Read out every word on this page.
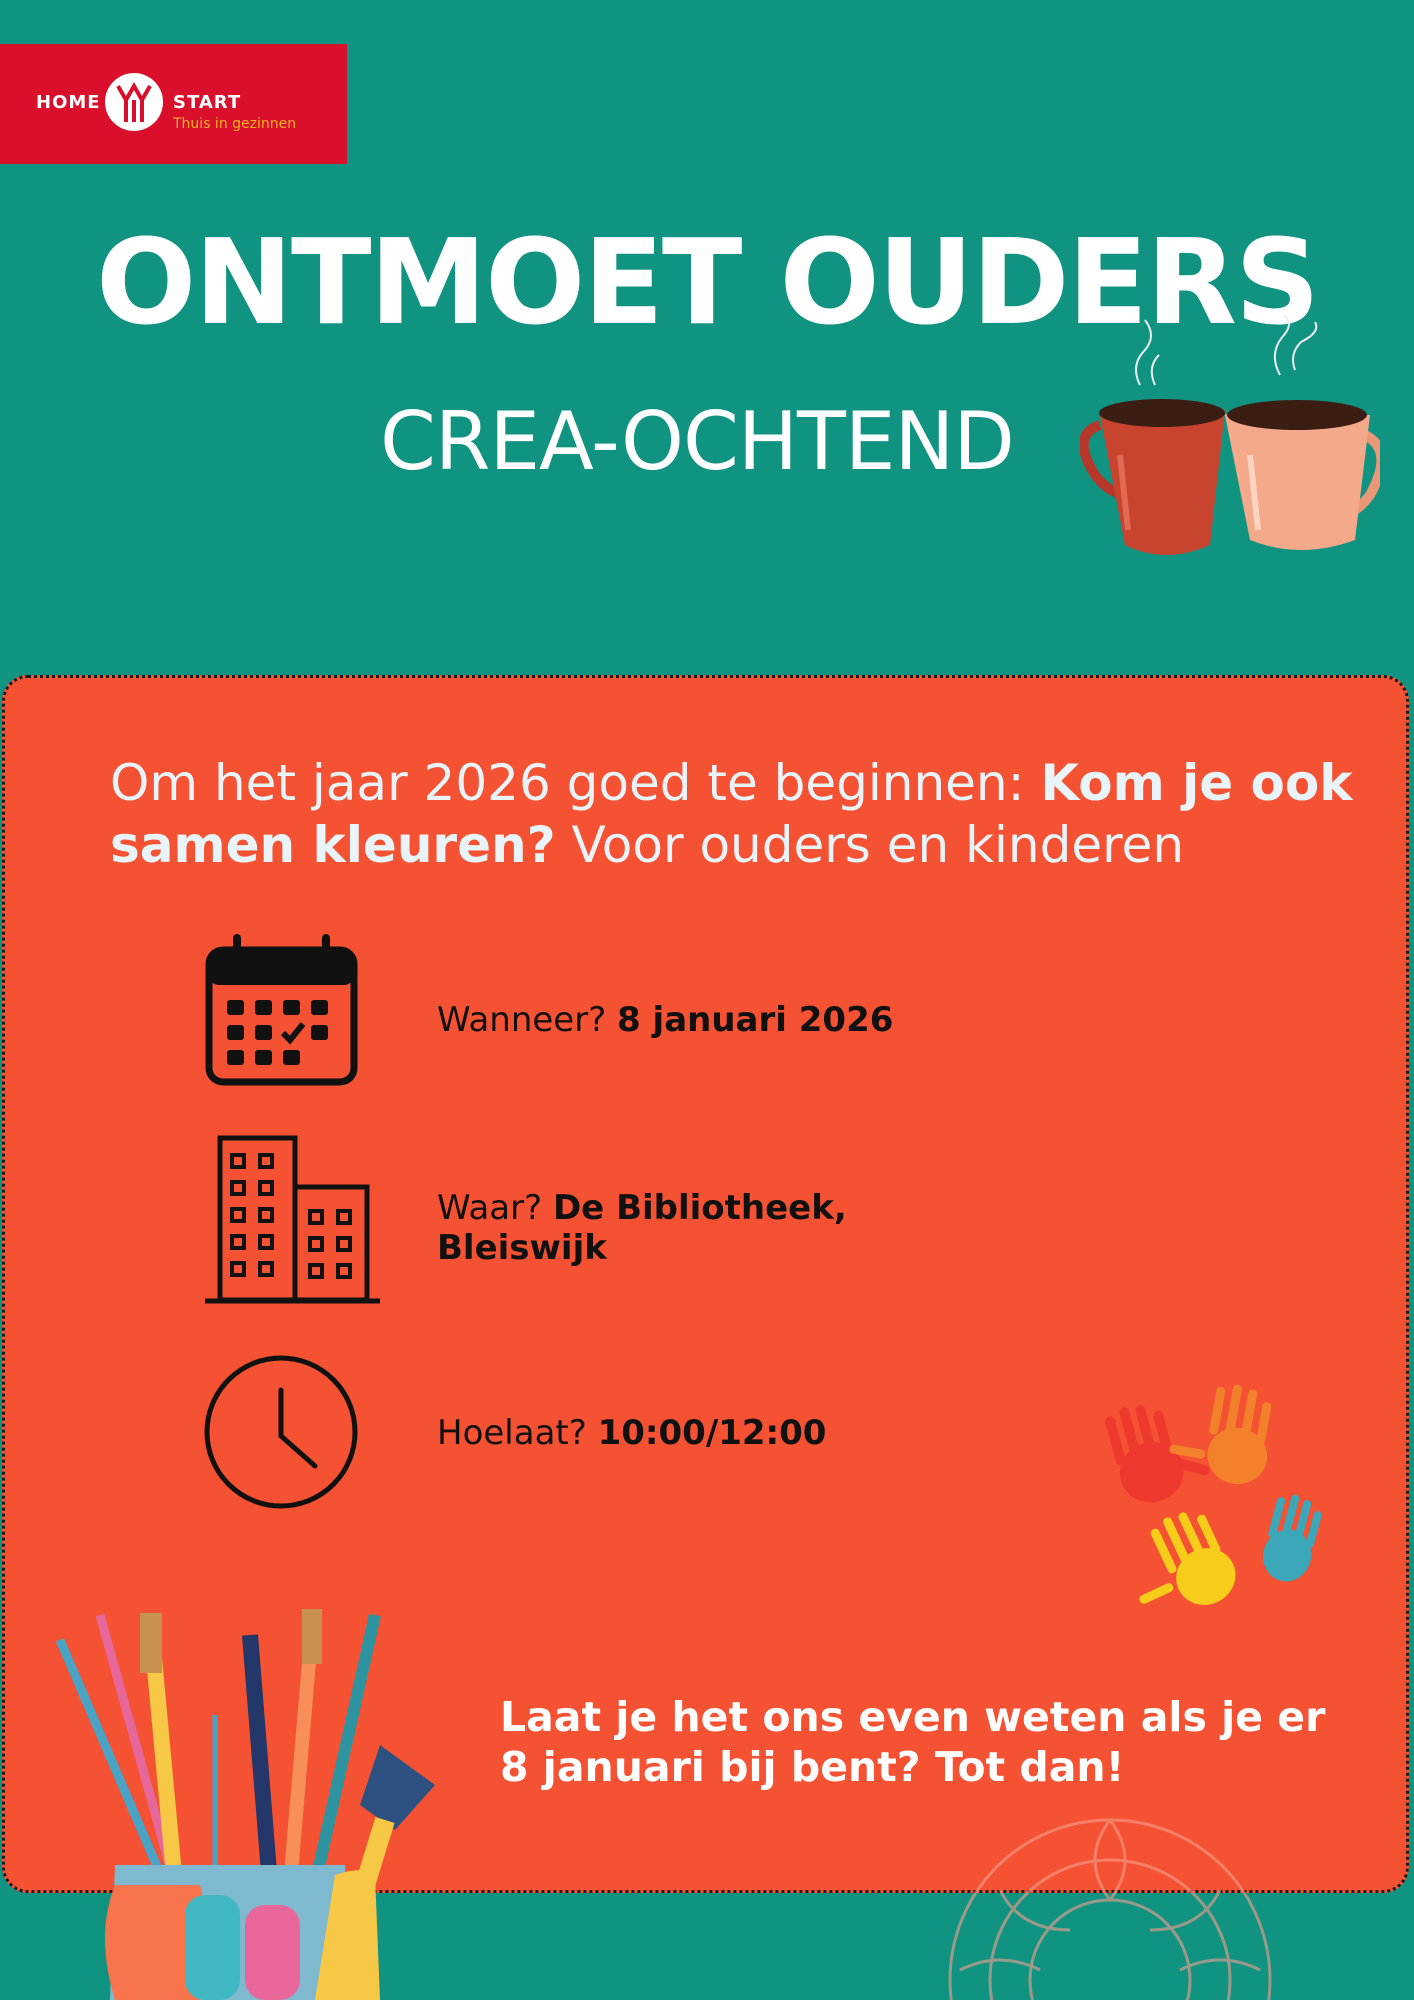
HOME	START
Thuis in gezinnen
ONTMOET OUDERS
CREA-OCHTEND
Om het jaar 2026 goed te beginnen: Kom je ook samen kleuren? Voor ouders en kinderen
Wanneer? 8 januari 2026
Waar? De Bibliotheek,
Bleiswijk
Hoelaat? 10:00/12:00
Laat je het ons even weten als je er
8 januari bij bent? Tot dan!
